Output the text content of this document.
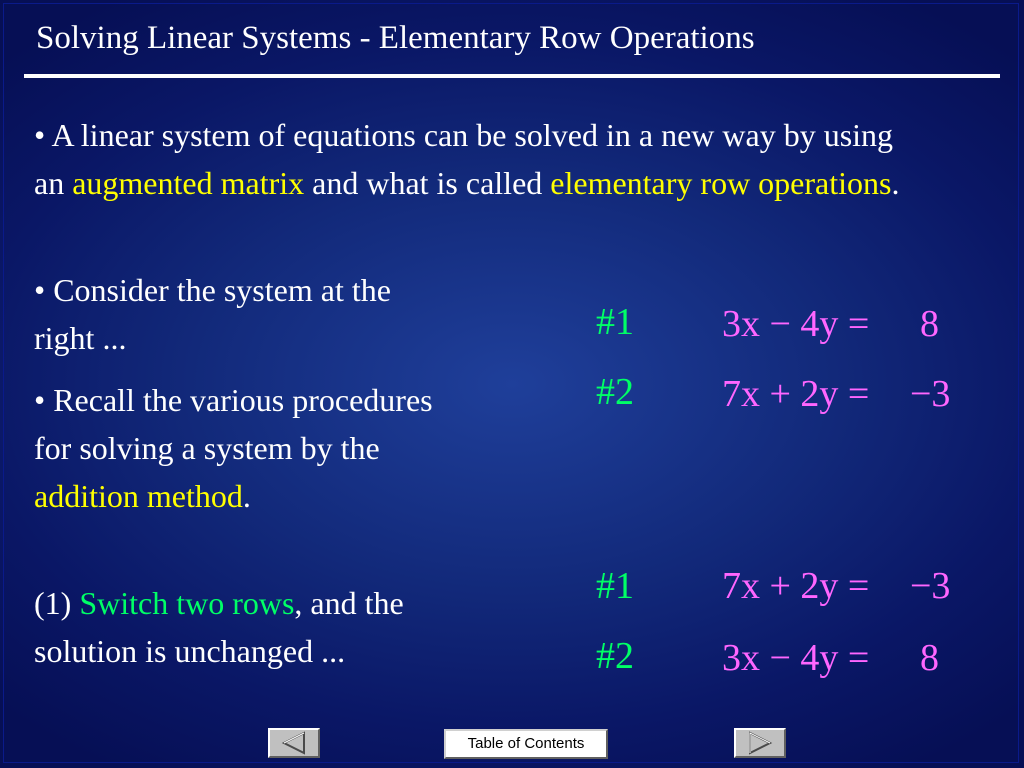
Solving Linear Systems - Elementary Row Operations
• A linear system of equations can be solved in a new way by using an augmented matrix and what is called elementary row operations.
• Consider the system at the right ...
• Recall the various procedures for solving a system by the addition method.
(1) Switch two rows, and the solution is unchanged ...
#1 3x − 4y = 8
#2 7x + 2y = −3
#1 7x + 2y = −3
#2 3x − 4y = 8
Table of Contents
